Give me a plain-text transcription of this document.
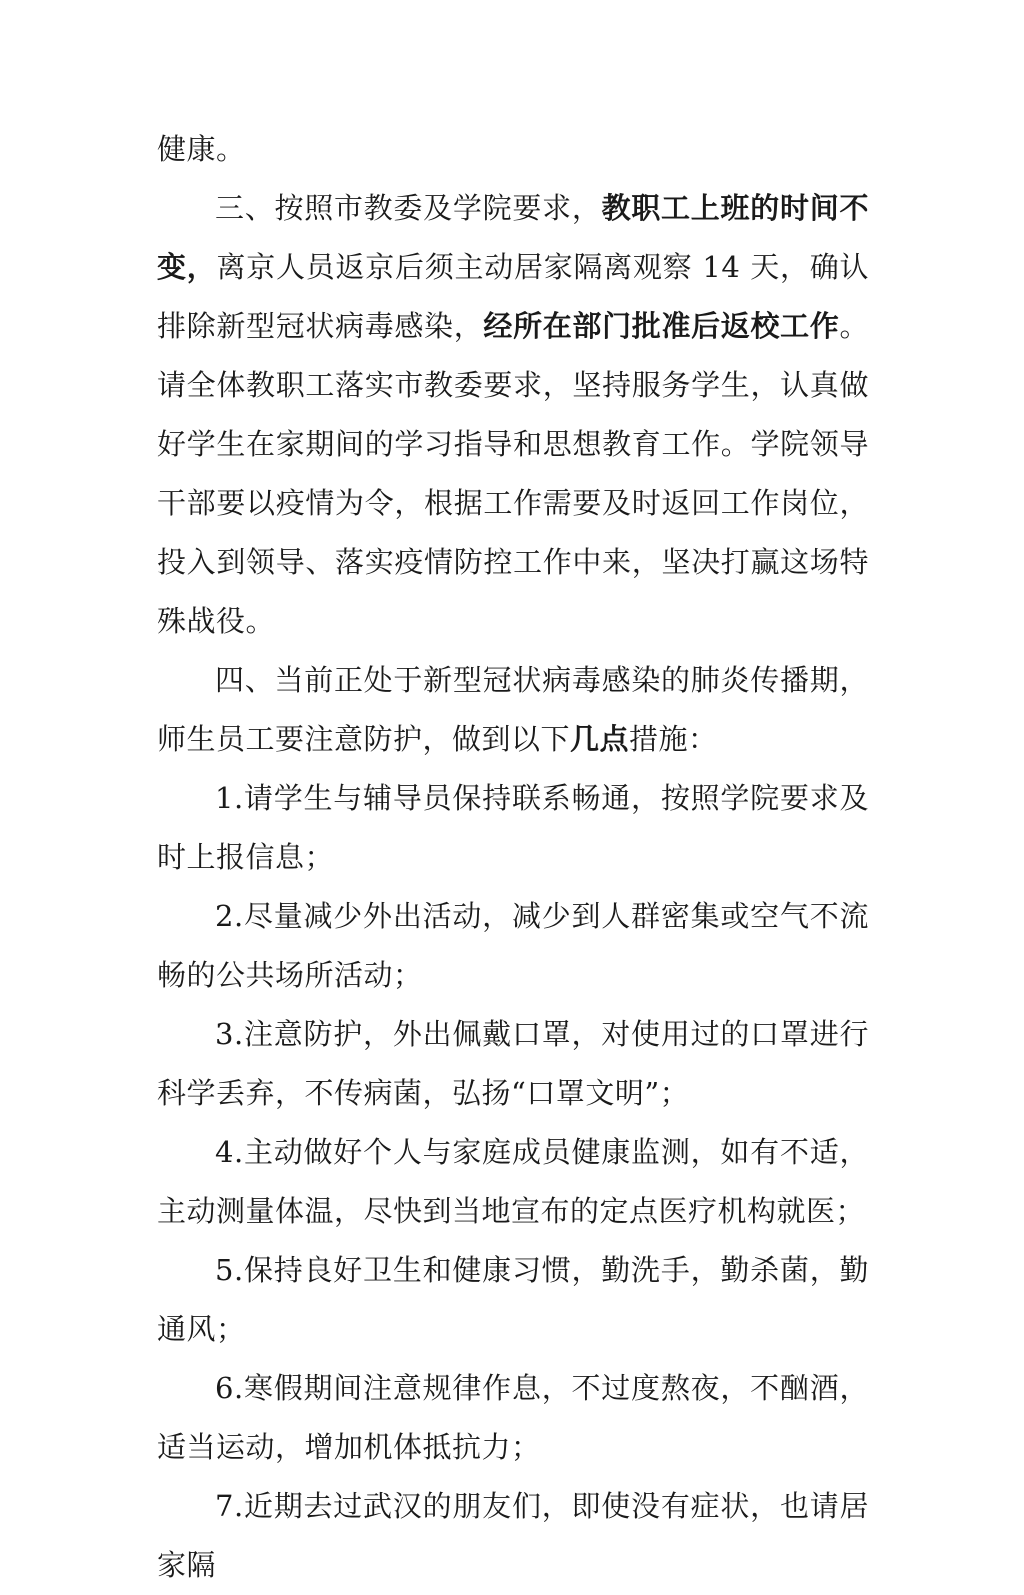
健康。

三、按照市教委及学院要求，教职工上班的时间不变，离京人员返京后须主动居家隔离观察 14 天，确认排除新型冠状病毒感染，经所在部门批准后返校工作。请全体教职工落实市教委要求，坚持服务学生，认真做好学生在家期间的学习指导和思想教育工作。学院领导干部要以疫情为令，根据工作需要及时返回工作岗位，投入到领导、落实疫情防控工作中来，坚决打赢这场特殊战役。

四、当前正处于新型冠状病毒感染的肺炎传播期，师生员工要注意防护，做到以下几点措施：

1.请学生与辅导员保持联系畅通，按照学院要求及时上报信息；

2.尽量减少外出活动，减少到人群密集或空气不流畅的公共场所活动；

3.注意防护，外出佩戴口罩，对使用过的口罩进行科学丢弃，不传病菌，弘扬“口罩文明”；

4.主动做好个人与家庭成员健康监测，如有不适，主动测量体温，尽快到当地宣布的定点医疗机构就医；

5.保持良好卫生和健康习惯，勤洗手，勤杀菌，勤通风；

6.寒假期间注意规律作息，不过度熬夜，不酗酒，适当运动，增加机体抵抗力；

7.近期去过武汉的朋友们，即使没有症状，也请居家隔
